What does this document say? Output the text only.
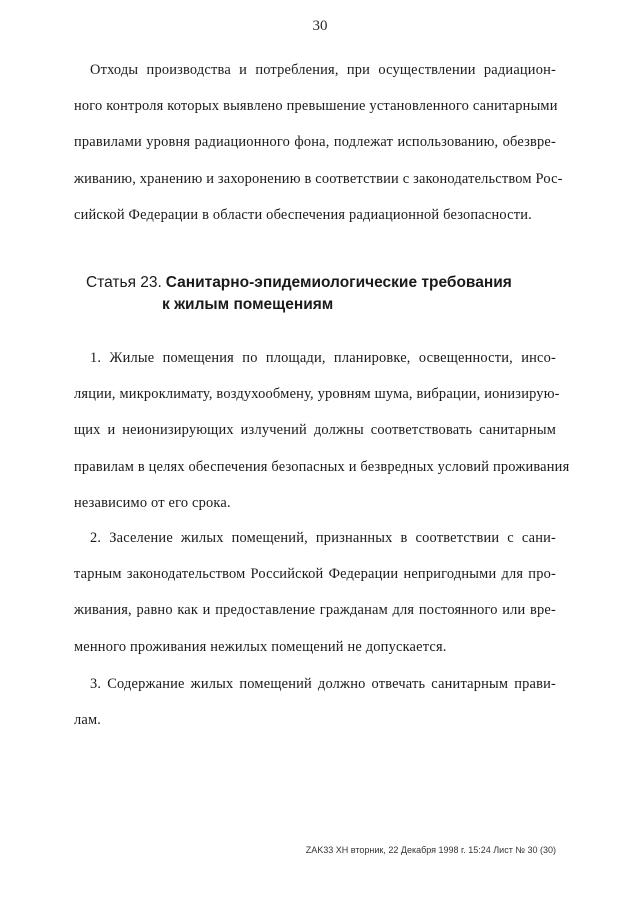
30
Отходы производства и потребления, при осуществлении радиацион-
ного контроля которых выявлено превышение установленного санитарными
правилами уровня радиационного фона, подлежат использованию, обезвре-
живанию, хранению и захоронению в соответствии с законодательством Рос-
сийской Федерации в области обеспечения радиационной безопасности.
Статья 23. Санитарно-эпидемиологические требования
к жилым помещениям
1. Жилые помещения по площади, планировке, освещенности, инсо-
ляции, микроклимату, воздухообмену, уровням шума, вибрации, ионизирую-
щих и неионизирующих излучений должны соответствовать санитарным
правилам в целях обеспечения безопасных и безвредных условий проживания
независимо от его срока.
2. Заселение жилых помещений, признанных в соответствии с сани-
тарным законодательством Российской Федерации непригодными для про-
живания, равно как и предоставление гражданам для постоянного или вре-
менного проживания нежилых помещений не допускается.
3. Содержание жилых помещений должно отвечать санитарным прави-
лам.
ZAK33 XH вторник, 22 Декабря 1998 г. 15:24 Лист № 30 (30)
